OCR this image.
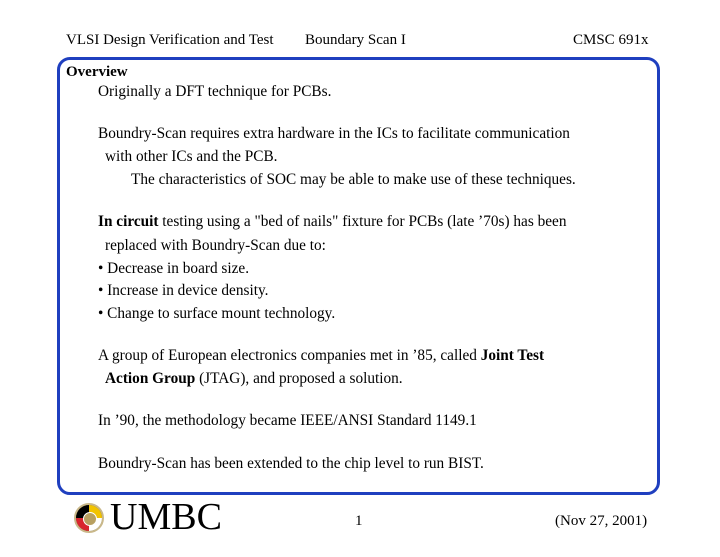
VLSI Design Verification and Test Boundary Scan I	CMSC 691x
Overview
Originally a DFT technique for PCBs.
Boundry-Scan requires extra hardware in the ICs to facilitate communication
with other ICs and the PCB.
The characteristics of SOC may be able to make use of these techniques.
In circuit testing using a "bed of nails" fixture for PCBs (late ’70s) has been
replaced with Boundry-Scan due to:
• Decrease in board size.
• Increase in device density.
• Change to surface mount technology.
A group of European electronics companies met in ’85, called Joint Test
Action Group (JTAG), and proposed a solution.
In ’90, the methodology became IEEE/ANSI Standard 1149.1
Boundry-Scan has been extended to the chip level to run BIST.
UMBC	1	(Nov 27, 2001)
